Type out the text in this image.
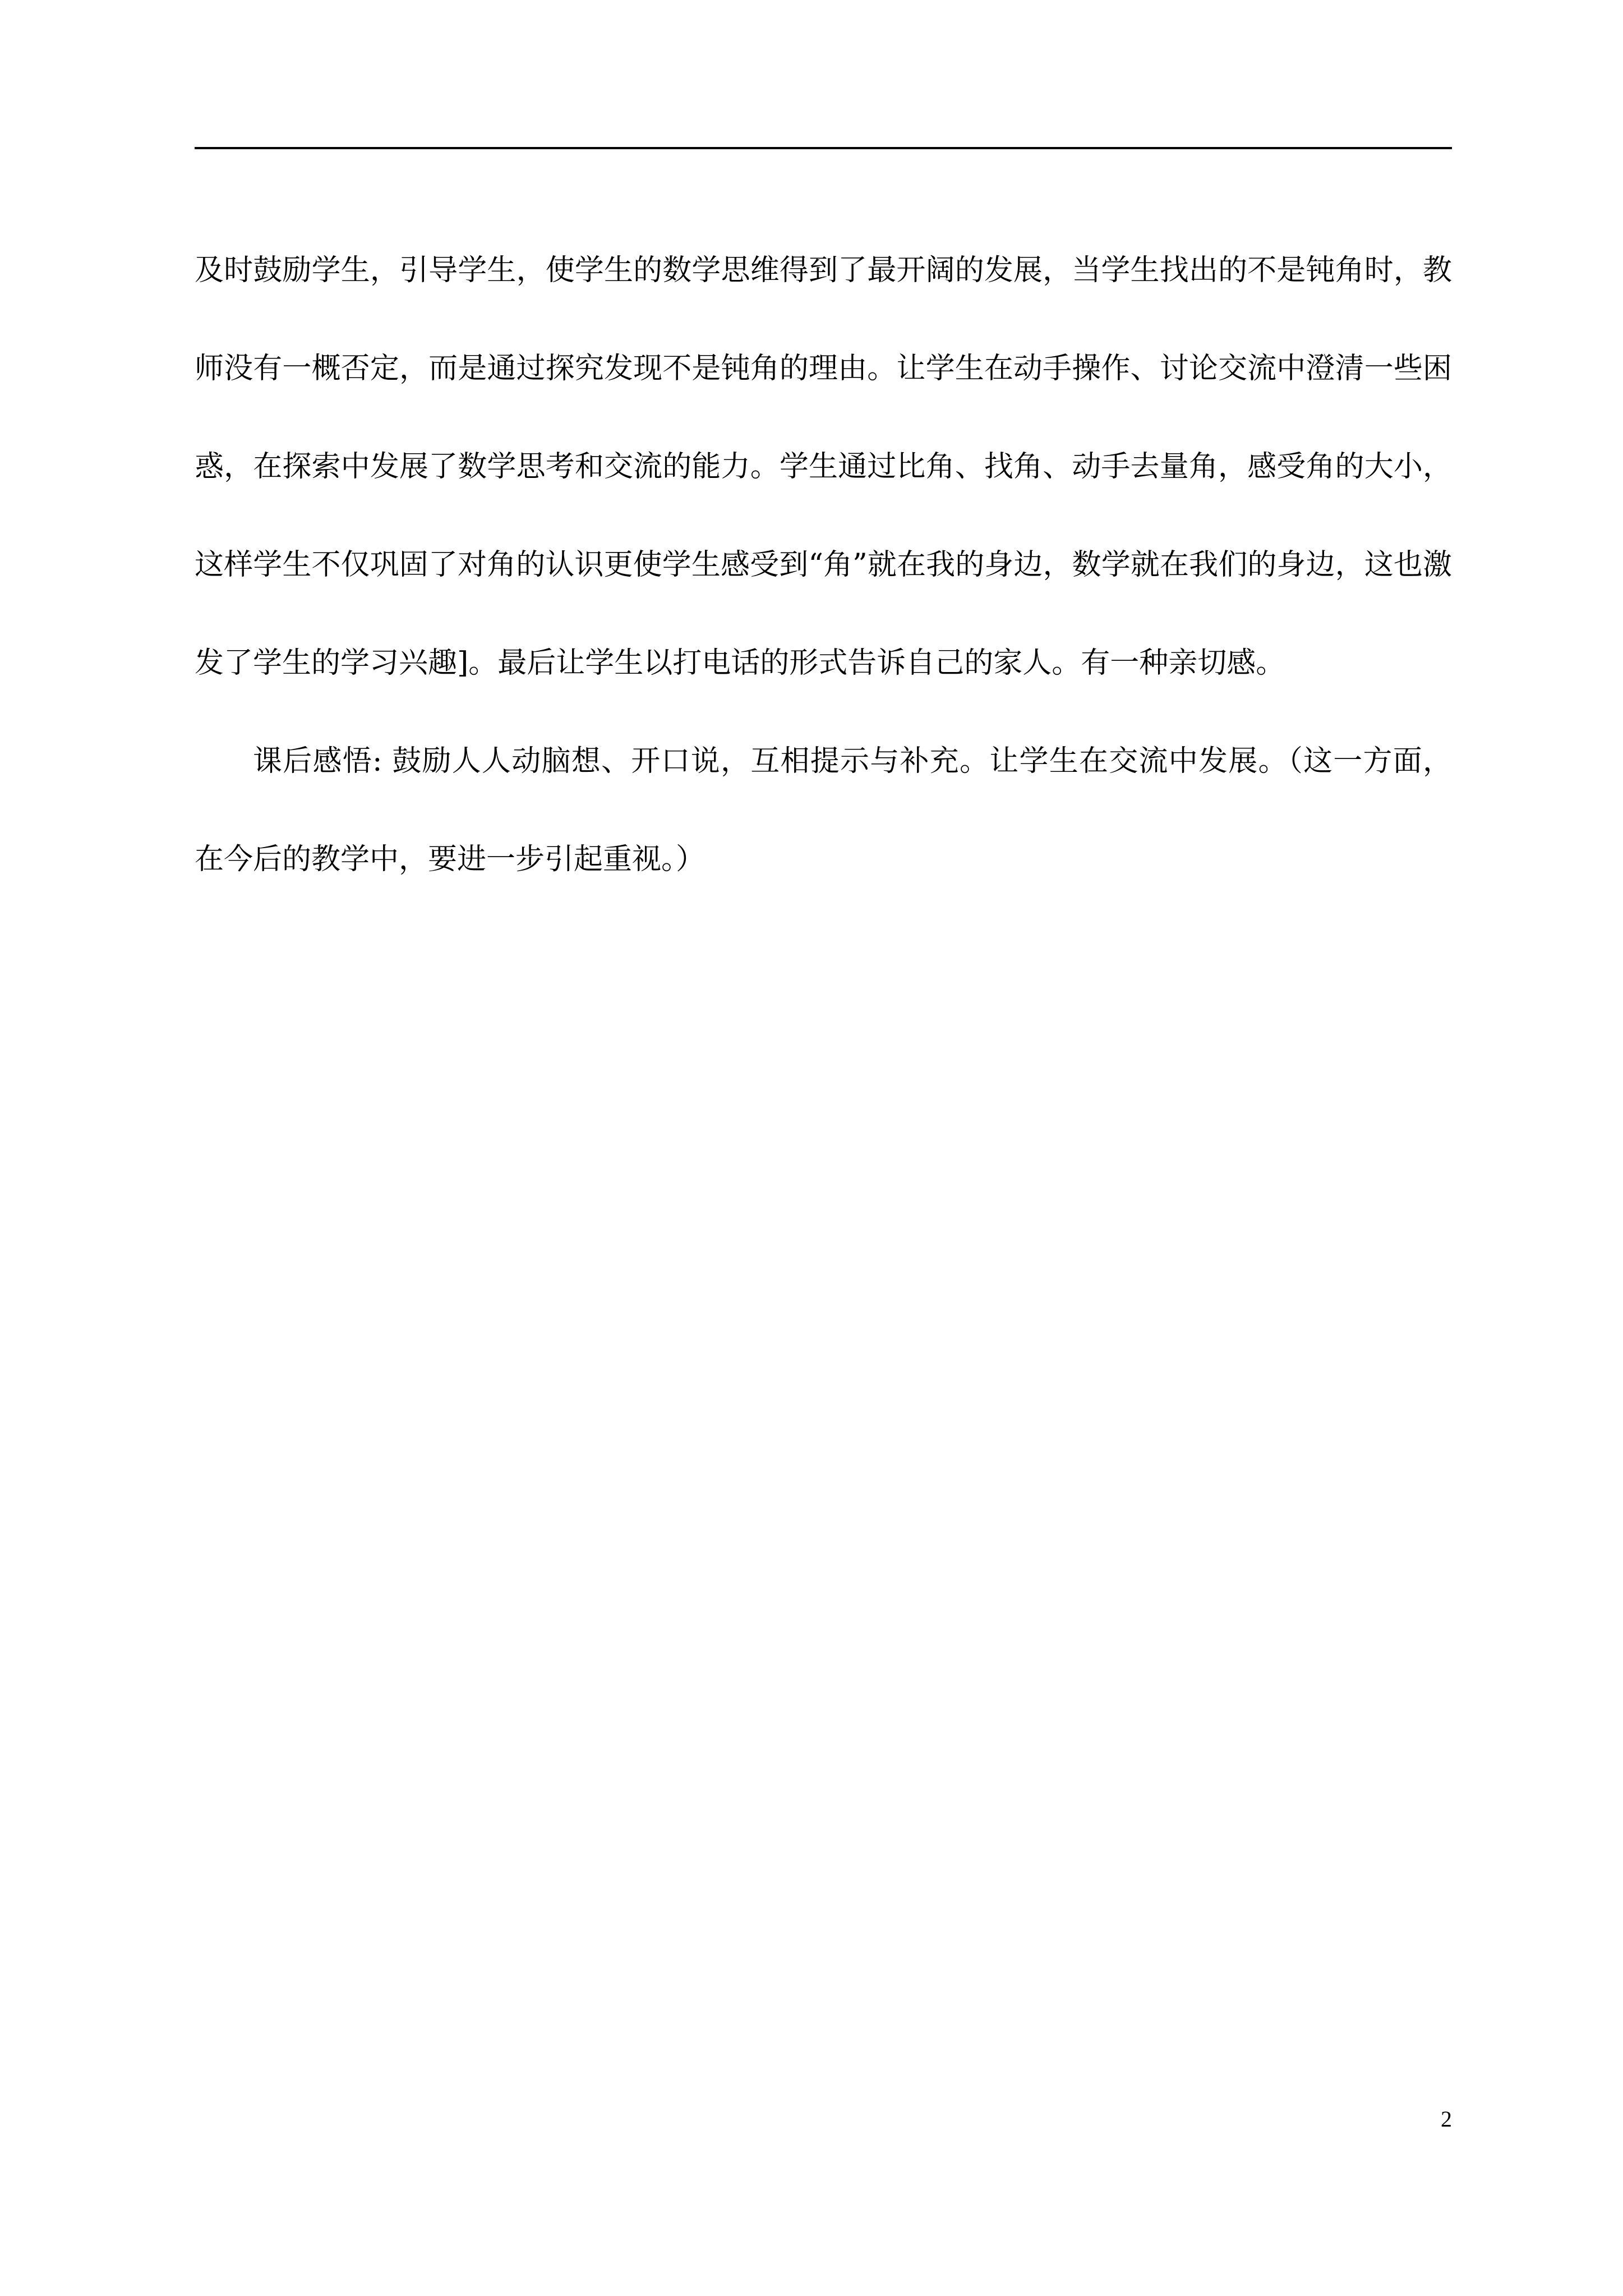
及时鼓励学生，引导学生，使学生的数学思维得到了最开阔的发展，当学生找出的不是钝角时，教师没有一概否定，而是通过探究发现不是钝角的理由。让学生在动手操作、讨论交流中澄清一些困惑，在探索中发展了数学思考和交流的能力。学生通过比角、找角、动手去量角，感受角的大小，这样学生不仅巩固了对角的认识更使学生感受到“角”就在我的身边，数学就在我们的身边，这也激发了学生的学习兴趣]。最后让学生以打电话的形式告诉自己的家人。有一种亲切感。

课后感悟: 鼓励人人动脑想、开口说，互相提示与补充。让学生在交流中发展。（这一方面，在今后的教学中，要进一步引起重视。）

2
